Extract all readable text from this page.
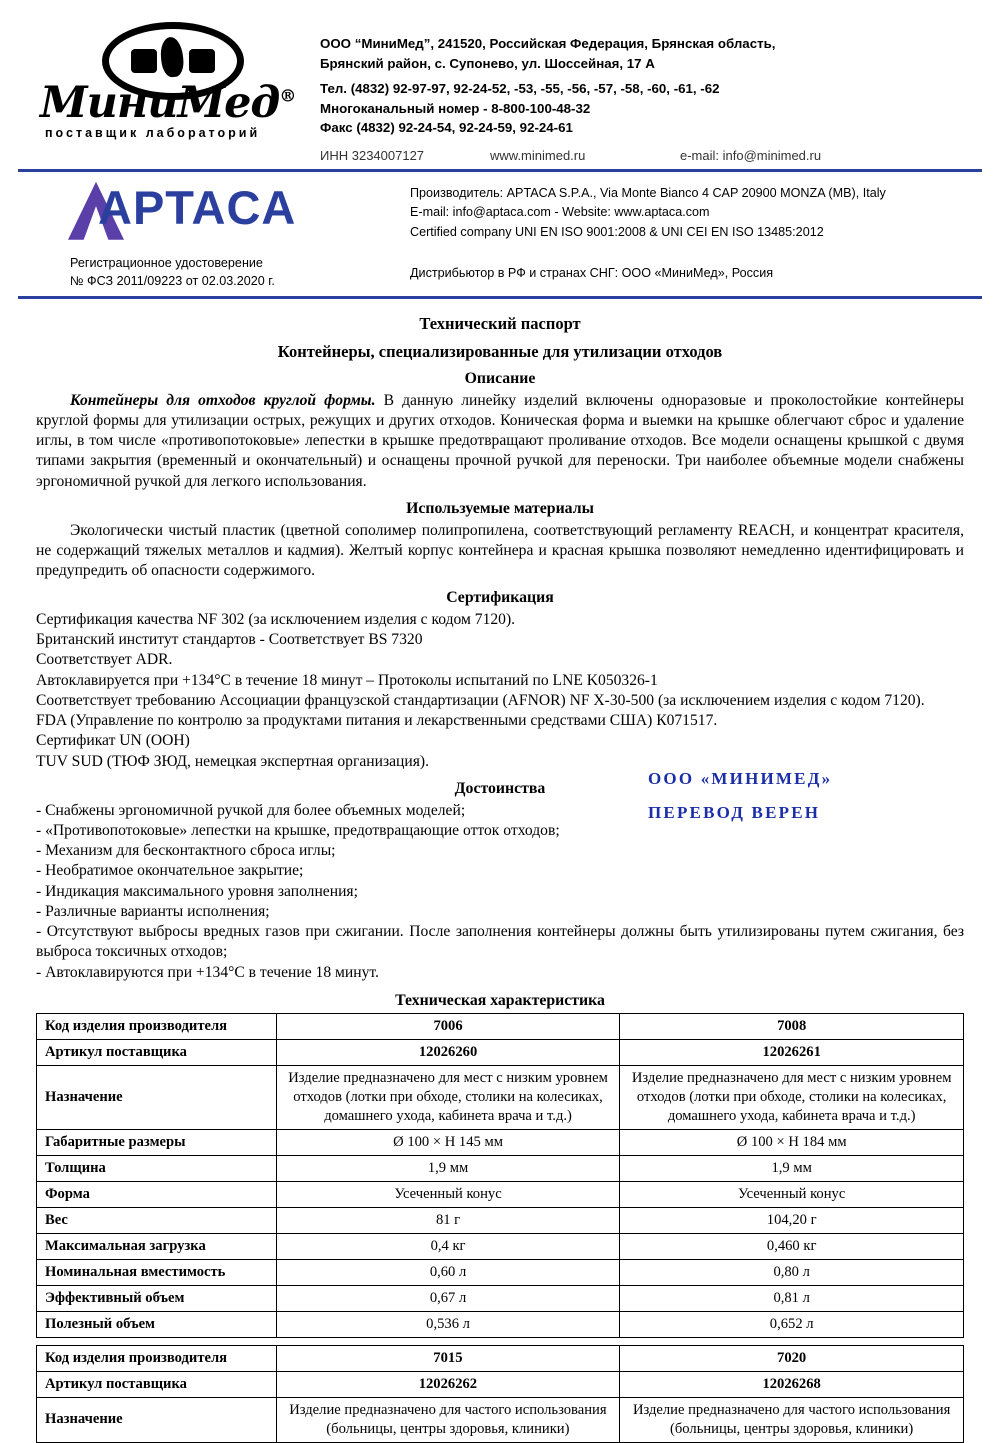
МиниМед®
поставщик лабораторий
ООО “МиниМед”, 241520, Российская Федерация, Брянская область,
Брянский район, с. Супонево, ул. Шоссейная, 17 А
Тел. (4832) 92-97-97, 92-24-52, -53, -55, -56, -57, -58, -60, -61, -62
Многоканальный номер - 8-800-100-48-32
Факс (4832) 92-24-54, 92-24-59, 92-24-61
ИНН 3234007127	www.minimed.ru	e-mail: info@minimed.ru
APTACA	Производитель: APTACA S.P.A., Via Monte Bianco 4 CAP 20900 MONZA (MB), Italy
E-mail: info@aptaca.com - Website: www.aptaca.com
Certified company UNI EN ISO 9001:2008 & UNI CEI EN ISO 13485:2012
Регистрационное удостоверение
№ ФСЗ 2011/09223 от 02.03.2020 г.
Дистрибьютор в РФ и странах СНГ: ООО «МиниМед», Россия
Технический паспорт
Контейнеры, специализированные для утилизации отходов
Описание

Контейнеры для отходов круглой формы. В данную линейку изделий включены одноразовые и проколостойкие контейнеры круглой формы для утилизации острых, режущих и других отходов. Коническая форма и выемки на крышке облегчают сброс и удаление иглы, в том числе «противопотоковые» лепестки в крышке предотвращают проливание отходов. Все модели оснащены крышкой с двумя типами закрытия (временный и окончательный) и оснащены прочной ручкой для переноски. Три наиболее объемные модели снабжены эргономичной ручкой для легкого использования.

Используемые материалы

Экологически чистый пластик (цветной сополимер полипропилена, соответствующий регламенту REACH, и концентрат красителя, не содержащий тяжелых металлов и кадмия). Желтый корпус контейнера и красная крышка позволяют немедленно идентифицировать и предупредить об опасности содержимого.

Сертификация

Сертификация качества NF 302 (за исключением изделия с кодом 7120).

Британский институт стандартов - Соответствует BS 7320

Соответствует ADR.

Автоклавируется при +134°С в течение 18 минут – Протоколы испытаний по LNE K050326-1

Соответствует требованию Ассоциации французской стандартизации (AFNOR) NF X-30-500 (за исключением изделия с кодом 7120).

FDA (Управление по контролю за продуктами питания и лекарственными средствами США) К071517.

Сертификат UN (ООН)

TUV SUD (ТЮФ ЗЮД, немецкая экспертная организация).

Достоинства

- Снабжены эргономичной ручкой для более объемных моделей;

- «Противопотоковые» лепестки на крышке, предотвращающие отток отходов;

- Механизм для бесконтактного сброса иглы;

- Необратимое окончательное закрытие;

- Индикация максимального уровня заполнения;

- Различные варианты исполнения;

- Отсутствуют выбросы вредных газов при сжигании. После заполнения контейнеры должны быть утилизированы путем сжигания, без выброса токсичных отходов;

- Автоклавируются при +134°С в течение 18 минут.

Техническая характеристика
Код изделия производителя	7006	7008
Артикул поставщика	12026260	12026261
Назначение	Изделие предназначено для мест с низким уровнем отходов (лотки при обходе, столики на колесиках, домашнего ухода, кабинета врача и т.д.)	Изделие предназначено для мест с низким уровнем отходов (лотки при обходе, столики на колесиках, домашнего ухода, кабинета врача и т.д.)
Габаритные размеры	Ø 100 × H 145 мм	Ø 100 × H 184 мм
Толщина	1,9 мм	1,9 мм
Форма	Усеченный конус	Усеченный конус
Вес	81 г	104,20 г
Максимальная загрузка	0,4 кг	0,460 кг
Номинальная вместимость	0,60 л	0,80 л
Эффективный объем	0,67 л	0,81 л
Полезный объем	0,536 л	0,652 л
Код изделия производителя	7015	7020
Артикул поставщика	12026262	12026268
Назначение	Изделие предназначено для частого использования (больницы, центры здоровья, клиники)	Изделие предназначено для частого использования (больницы, центры здоровья, клиники)
ООО «МИНИМЕД»
ПЕРЕВОД ВЕРЕН
